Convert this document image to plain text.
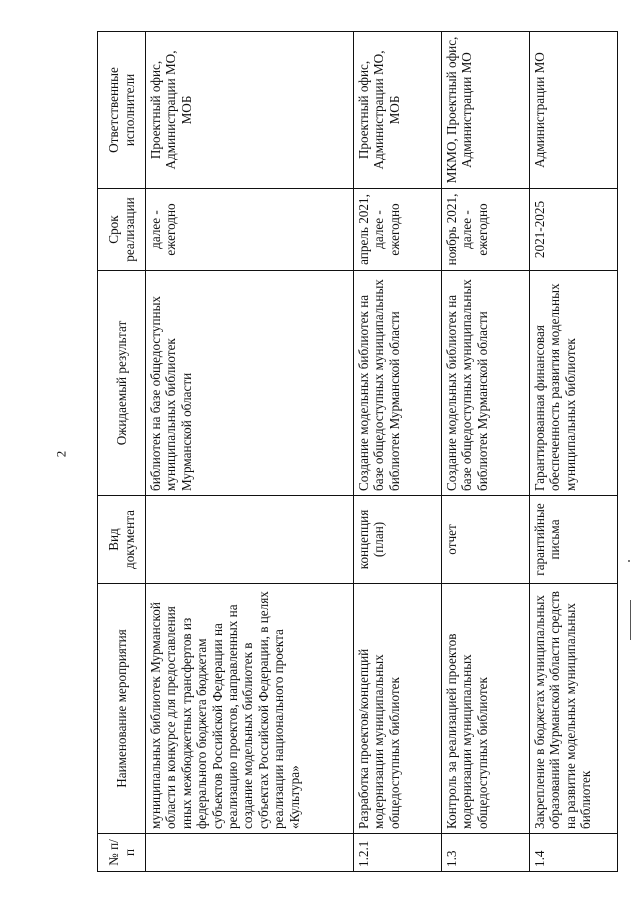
2
№ п/п	Наименование мероприятия	Вид документа	Ожидаемый результат	Срок реализации	Ответственные исполнители
	муниципальных библиотек Мурманской области в конкурсе для предоставления иных межбюджетных трансфертов из федерального бюджета бюджетам субъектов Российской Федерации на реализацию проектов, направленных на создание модельных библиотек в субъектах Российской Федерации, в целях реализации национального проекта «Культура»		библиотек на базе общедоступных муниципальных библиотек Мурманской области	далее - ежегодно	Проектный офис, Администрации МО, МОБ
1.2.1	Разработка проектов/концепций модернизации муниципальных общедоступных библиотек	концепция (план)	Создание модельных библиотек на базе общедоступных муниципальных библиотек Мурманской области	апрель 2021, далее - ежегодно	Проектный офис, Администрации МО, МОБ
1.3	Контроль за реализацией проектов модернизации муниципальных общедоступных библиотек	отчет	Создание модельных библиотек на базе общедоступных муниципальных библиотек Мурманской области	ноябрь 2021, далее - ежегодно	МКМО, Проектный офис, Администрации МО
1.4	Закрепление в бюджетах муниципальных образований Мурманской области средств на развитие модельных муниципальных библиотек	гарантийные письма	Гарантированная финансовая обеспеченность развития модельных муниципальных библиотек	2021-2025	Администрации МО
